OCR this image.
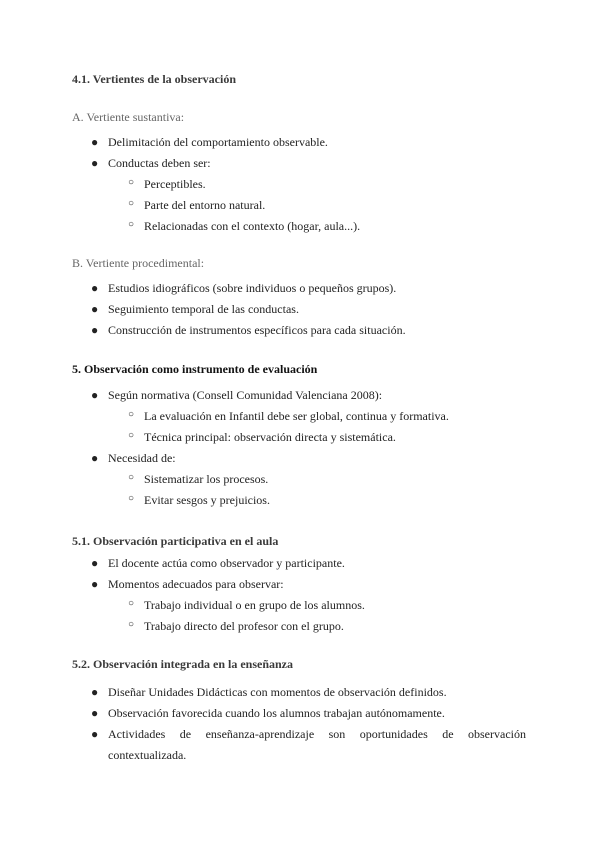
4.1. Vertientes de la observación
A. Vertiente sustantiva:
● Delimitación del comportamiento observable.
● Conductas deben ser:
○ Perceptibles.
○ Parte del entorno natural.
○ Relacionadas con el contexto (hogar, aula...).
B. Vertiente procedimental:
● Estudios idiográficos (sobre individuos o pequeños grupos).
● Seguimiento temporal de las conductas.
● Construcción de instrumentos específicos para cada situación.
5. Observación como instrumento de evaluación
● Según normativa (Consell Comunidad Valenciana 2008):
○ La evaluación en Infantil debe ser global, continua y formativa.
○ Técnica principal: observación directa y sistemática.
● Necesidad de:
○ Sistematizar los procesos.
○ Evitar sesgos y prejuicios.
5.1. Observación participativa en el aula
● El docente actúa como observador y participante.
● Momentos adecuados para observar:
○ Trabajo individual o en grupo de los alumnos.
○ Trabajo directo del profesor con el grupo.
5.2. Observación integrada en la enseñanza
● Diseñar Unidades Didácticas con momentos de observación definidos.
● Observación favorecida cuando los alumnos trabajan autónomamente.
● Actividades de enseñanza-aprendizaje son oportunidades de observación
contextualizada.
